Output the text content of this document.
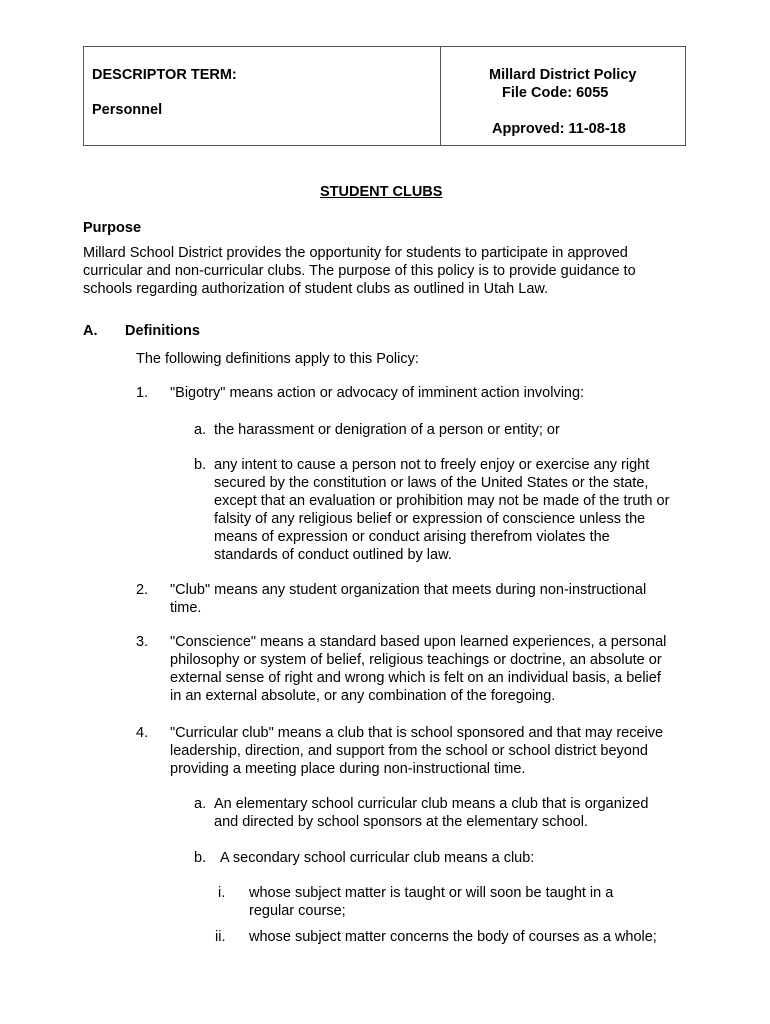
DESCRIPTOR TERM:
Personnel
Millard District Policy
File Code: 6055
Approved: 11-08-18
STUDENT CLUBS
Purpose
Millard School District provides the opportunity for students to participate in approved curricular and non-curricular clubs. The purpose of this policy is to provide guidance to schools regarding authorization of student clubs as outlined in Utah Law.
A. Definitions
The following definitions apply to this Policy:
1. "Bigotry" means action or advocacy of imminent action involving:
a. the harassment or denigration of a person or entity; or
b. any intent to cause a person not to freely enjoy or exercise any right secured by the constitution or laws of the United States or the state, except that an evaluation or prohibition may not be made of the truth or falsity of any religious belief or expression of conscience unless the means of expression or conduct arising therefrom violates the standards of conduct outlined by law.
2. "Club" means any student organization that meets during non-instructional time.
3. "Conscience" means a standard based upon learned experiences, a personal philosophy or system of belief, religious teachings or doctrine, an absolute or external sense of right and wrong which is felt on an individual basis, a belief in an external absolute, or any combination of the foregoing.
4. "Curricular club" means a club that is school sponsored and that may receive leadership, direction, and support from the school or school district beyond providing a meeting place during non-instructional time.
a. An elementary school curricular club means a club that is organized and directed by school sponsors at the elementary school.
b. A secondary school curricular club means a club:
i. whose subject matter is taught or will soon be taught in a regular course;
ii. whose subject matter concerns the body of courses as a whole;
